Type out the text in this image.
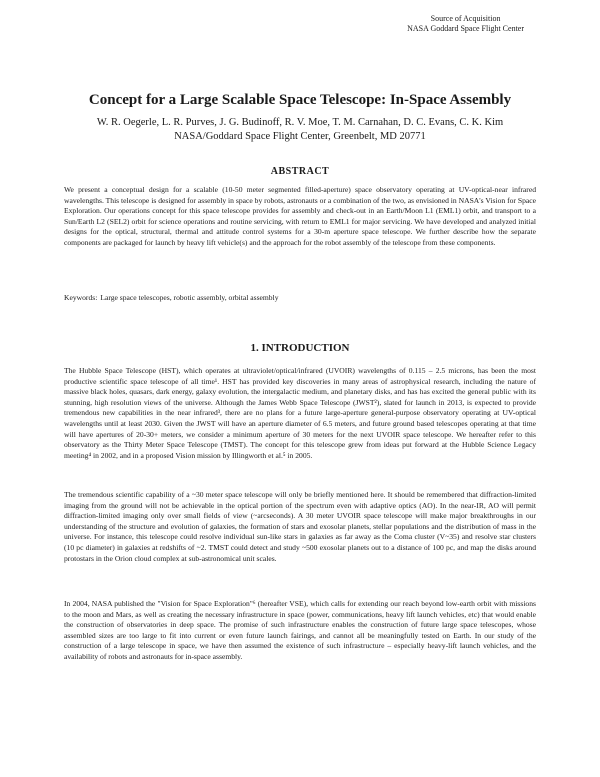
Source of Acquisition
NASA Goddard Space Flight Center
Concept for a Large Scalable Space Telescope: In-Space Assembly
W. R. Oegerle, L. R. Purves, J. G. Budinoff, R. V. Moe, T. M. Carnahan, D. C. Evans, C. K. Kim
NASA/Goddard Space Flight Center, Greenbelt, MD 20771
ABSTRACT
We present a conceptual design for a scalable (10-50 meter segmented filled-aperture) space observatory operating at UV-optical-near infrared wavelengths. This telescope is designed for assembly in space by robots, astronauts or a combination of the two, as envisioned in NASA's Vision for Space Exploration. Our operations concept for this space telescope provides for assembly and check-out in an Earth/Moon L1 (EML1) orbit, and transport to a Sun/Earth L2 (SEL2) orbit for science operations and routine servicing, with return to EML1 for major servicing. We have developed and analyzed initial designs for the optical, structural, thermal and attitude control systems for a 30-m aperture space telescope. We further describe how the separate components are packaged for launch by heavy lift vehicle(s) and the approach for the robot assembly of the telescope from these components.
Keywords: Large space telescopes, robotic assembly, orbital assembly
1. INTRODUCTION
The Hubble Space Telescope (HST), which operates at ultraviolet/optical/infrared (UVOIR) wavelengths of 0.115 – 2.5 microns, has been the most productive scientific space telescope of all time¹. HST has provided key discoveries in many areas of astrophysical research, including the nature of massive black holes, quasars, dark energy, galaxy evolution, the intergalactic medium, and planetary disks, and has has excited the general public with its stunning, high resolution views of the universe. Although the James Webb Space Telescope (JWST²), slated for launch in 2013, is expected to provide tremendous new capabilities in the near infrared³, there are no plans for a future large-aperture general-purpose observatory operating at UV-optical wavelengths until at least 2030. Given the JWST will have an aperture diameter of 6.5 meters, and future ground based telescopes operating at that time will have apertures of 20-30+ meters, we consider a minimum aperture of 30 meters for the next UVOIR space telescope. We hereafter refer to this observatory as the Thirty Meter Space Telescope (TMST). The concept for this telescope grew from ideas put forward at the Hubble Science Legacy meeting⁴ in 2002, and in a proposed Vision mission by Illingworth et al.⁵ in 2005.
The tremendous scientific capability of a ~30 meter space telescope will only be briefly mentioned here. It should be remembered that diffraction-limited imaging from the ground will not be achievable in the optical portion of the spectrum even with adaptive optics (AO). In the near-IR, AO will permit diffraction-limited imaging only over small fields of view (~arcseconds). A 30 meter UVOIR space telescope will make major breakthroughs in our understanding of the structure and evolution of galaxies, the formation of stars and exosolar planets, stellar populations and the distribution of mass in the universe. For instance, this telescope could resolve individual sun-like stars in galaxies as far away as the Coma cluster (V~35) and resolve star clusters (10 pc diameter) in galaxies at redshifts of ~2. TMST could detect and study ~500 exosolar planets out to a distance of 100 pc, and map the disks around protostars in the Orion cloud complex at sub-astronomical unit scales.
In 2004, NASA published the "Vision for Space Exploration"⁶ (hereafter VSE), which calls for extending our reach beyond low-earth orbit with missions to the moon and Mars, as well as creating the necessary infrastructure in space (power, communications, heavy lift launch vehicles, etc) that would enable the construction of observatories in deep space. The promise of such infrastructure enables the construction of future large space telescopes, whose assembled sizes are too large to fit into current or even future launch fairings, and cannot all be meaningfully tested on Earth. In our study of the construction of a large telescope in space, we have then assumed the existence of such infrastructure – especially heavy-lift launch vehicles, and the availability of robots and astronauts for in-space assembly.
